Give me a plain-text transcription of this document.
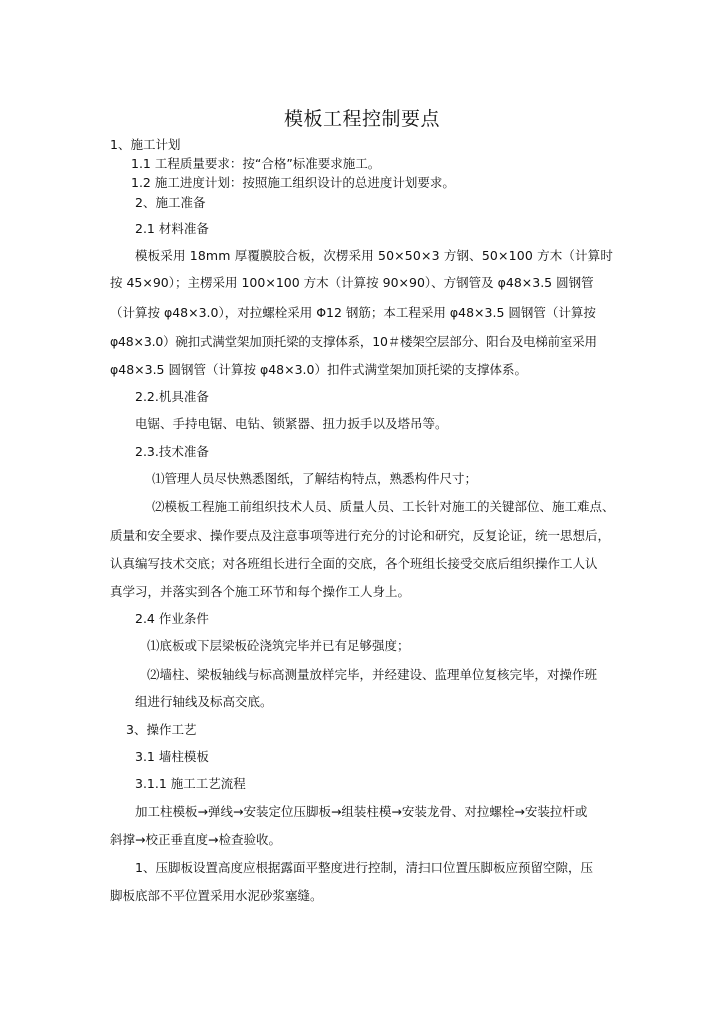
模板工程控制要点
1、施工计划
1.1 工程质量要求：按“合格”标准要求施工。
1.2 施工进度计划：按照施工组织设计的总进度计划要求。
2、施工准备
2.1 材料准备
模板采用 18mm 厚覆膜胶合板，次楞采用 50×50×3 方钢、50×100 方木（计算时
按 45×90）；主楞采用 100×100 方木（计算按 90×90）、方钢管及 φ48×3.5 圆钢管
（计算按 φ48×3.0），对拉螺栓采用 Φ12 钢筋；本工程采用 φ48×3.5 圆钢管（计算按
φ48×3.0）碗扣式满堂架加顶托梁的支撑体系，10＃楼架空层部分、阳台及电梯前室采用
φ48×3.5 圆钢管（计算按 φ48×3.0）扣件式满堂架加顶托梁的支撑体系。
2.2.机具准备
电锯、手持电锯、电钻、锁紧器、扭力扳手以及塔吊等。
2.3.技术准备
⑴管理人员尽快熟悉图纸，了解结构特点，熟悉构件尺寸；
⑵模板工程施工前组织技术人员、质量人员、工长针对施工的关键部位、施工难点、
质量和安全要求、操作要点及注意事项等进行充分的讨论和研究，反复论证，统一思想后，
认真编写技术交底；对各班组长进行全面的交底，各个班组长接受交底后组织操作工人认
真学习，并落实到各个施工环节和每个操作工人身上。
2.4 作业条件
⑴底板或下层梁板砼浇筑完毕并已有足够强度；
⑵墙柱、梁板轴线与标高测量放样完毕，并经建设、监理单位复核完毕，对操作班
组进行轴线及标高交底。
3、操作工艺
3.1 墙柱模板
3.1.1 施工工艺流程
加工柱模板→弹线→安装定位压脚板→组装柱模→安装龙骨、对拉螺栓→安装拉杆或
斜撑→校正垂直度→检查验收。
1、压脚板设置高度应根据露面平整度进行控制，清扫口位置压脚板应预留空隙，压
脚板底部不平位置采用水泥砂浆塞缝。
